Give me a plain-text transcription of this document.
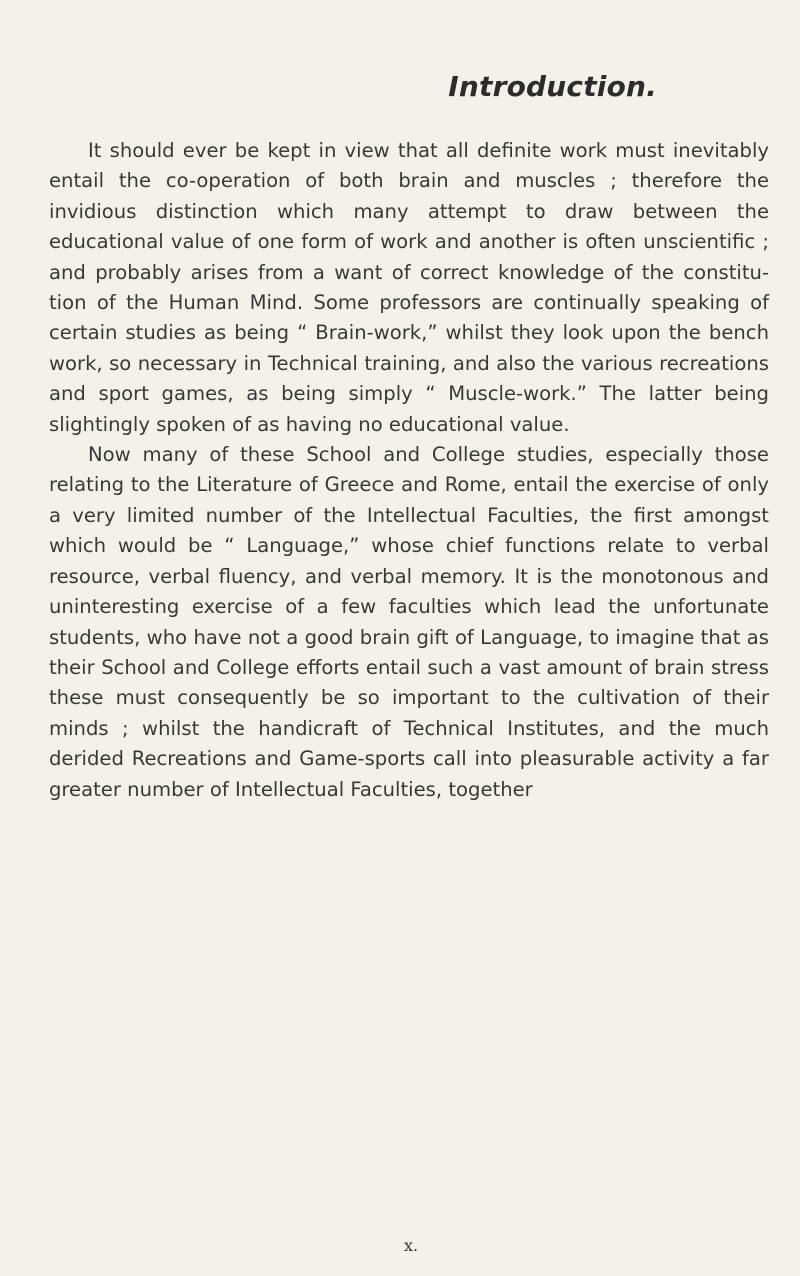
Introduction.

It should ever be kept in view that all definite work must inevitably entail the co-operation of both brain and muscles ; therefore the invidious distinction which many attempt to draw between the educational value of one form of work and another is often unscientific ; and probably arises from a want of correct knowledge of the constitu-tion of the Human Mind. Some professors are continually speaking of certain studies as being “ Brain-work,” whilst they look upon the bench work, so necessary in Technical training, and also the various recreations and sport games, as being simply “ Muscle-work.” The latter being slightingly spoken of as having no educational value.

Now many of these School and College studies, especially those relating to the Literature of Greece and Rome, entail the exercise of only a very limited number of the Intellectual Faculties, the first amongst which would be “ Language,” whose chief functions relate to verbal resource, verbal fluency, and verbal memory. It is the monotonous and uninteresting exercise of a few faculties which lead the unfortunate students, who have not a good brain gift of Language, to imagine that as their School and College efforts entail such a vast amount of brain stress these must consequently be so important to the cultivation of their minds ; whilst the handicraft of Technical Institutes, and the much derided Recreations and Game-sports call into pleasurable activity a far greater number of Intellectual Faculties, together

x.
